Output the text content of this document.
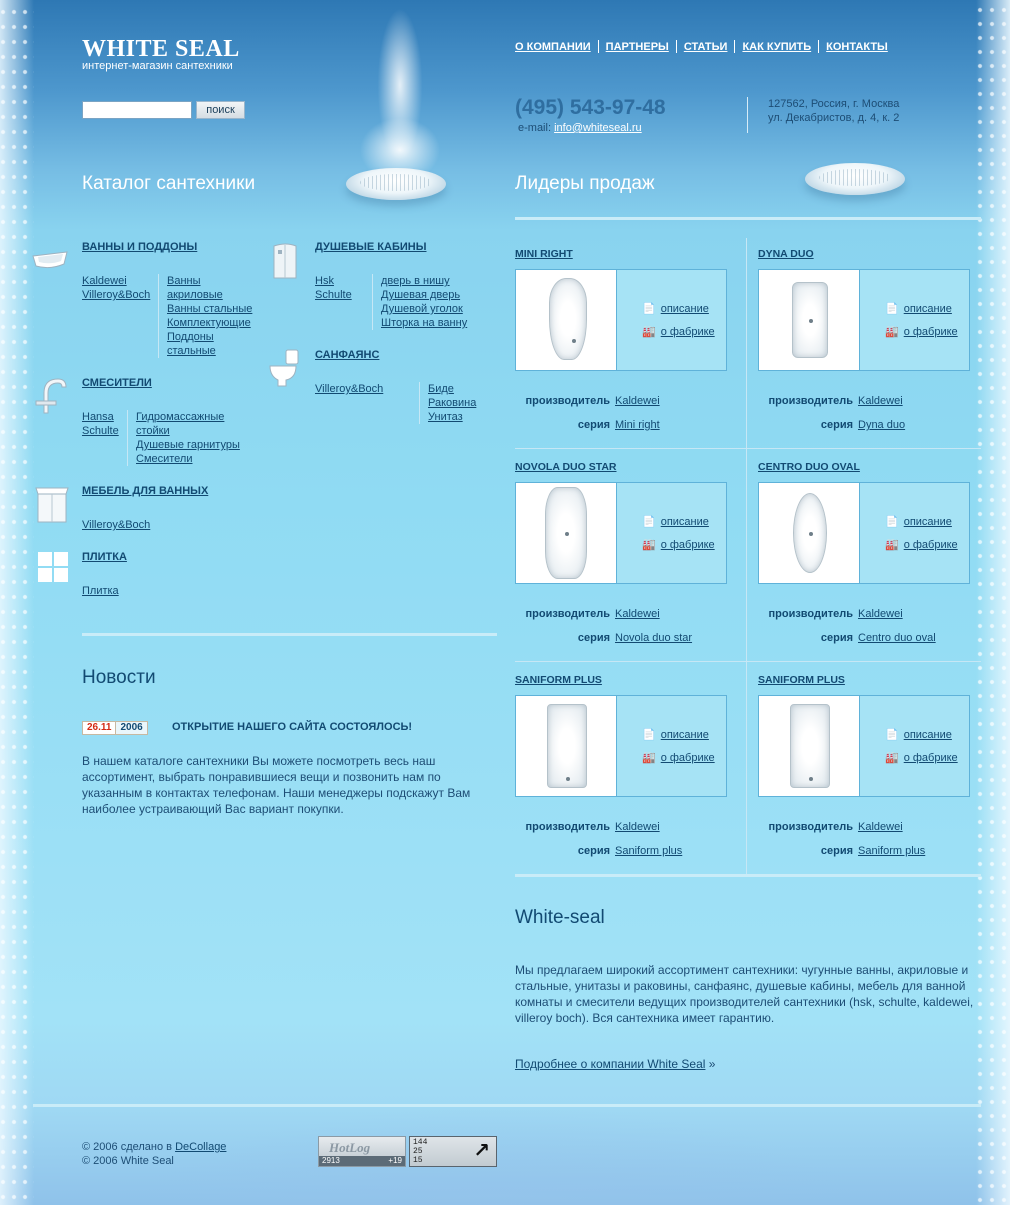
WHITE SEAL
интернет-магазин сантехники
поиск
О КОМПАНИИ ПАРТНЕРЫ СТАТЬИ КАК КУПИТЬ КОНТАКТЫ
(495) 543-97-48
e-mail: info@whiteseal.ru
127562, Россия, г. Москва
ул. Декабристов, д. 4, к. 2
Каталог сантехники	Лидеры продаж
ВАННЫ И ПОДДОНЫ
Kaldewei
Villeroy&Boch
Ванны
акриловые
Ванны стальные
Комплектующие
Поддоны
стальные
ДУШЕВЫЕ КАБИНЫ
Hsk
Schulte
дверь в нишу
Душевая дверь
Душевой уголок
Шторка на ванну
САНФАЯНС
Villeroy&Boch	Биде
Раковина
Унитаз
СМЕСИТЕЛИ
Hansa
Schulte
Гидромассажные
стойки
Душевые гарнитуры
Смесители
МЕБЕЛЬ ДЛЯ ВАННЫХ
Villeroy&Boch
ПЛИТКА
Плитка
Новости
26.11 2006	ОТКРЫТИЕ НАШЕГО САЙТА СОСТОЯЛОСЬ!
В нашем каталоге сантехники Вы можете посмотреть весь наш ассортимент, выбрать понравившиеся вещи и позвонить нам по указанным в контактах телефонам. Наши менеджеры подскажут Вам наиболее устраивающий Вас вариант покупки.
MINI RIGHT
📄 описание
🏭 о фабрике
производитель Kaldewei
серия Mini right
DYNA DUO
📄 описание
🏭 о фабрике
производитель Kaldewei
серия Dyna duo
NOVOLA DUO STAR
📄 описание
🏭 о фабрике
производитель Kaldewei
серия Novola duo star
CENTRO DUO OVAL
📄 описание
🏭 о фабрике
производитель Kaldewei
серия Centro duo oval
SANIFORM PLUS
📄 описание
🏭 о фабрике
производитель Kaldewei
серия Saniform plus
SANIFORM PLUS
📄 описание
🏭 о фабрике
производитель Kaldewei
серия Saniform plus
White-seal
Мы предлагаем широкий ассортимент сантехники: чугунные ванны, акриловые и стальные, унитазы и раковины, санфаянс, душевые кабины, мебель для ванной комнаты и смесители ведущих производителей сантехники (hsk, schulte, kaldewei, villeroy boch). Вся сантехника имеет гарантию.
Подробнее о компании White Seal »
© 2006 сделано в DeCollage
© 2006 White Seal
HotLog
2913	+19
144
25
15	↗
